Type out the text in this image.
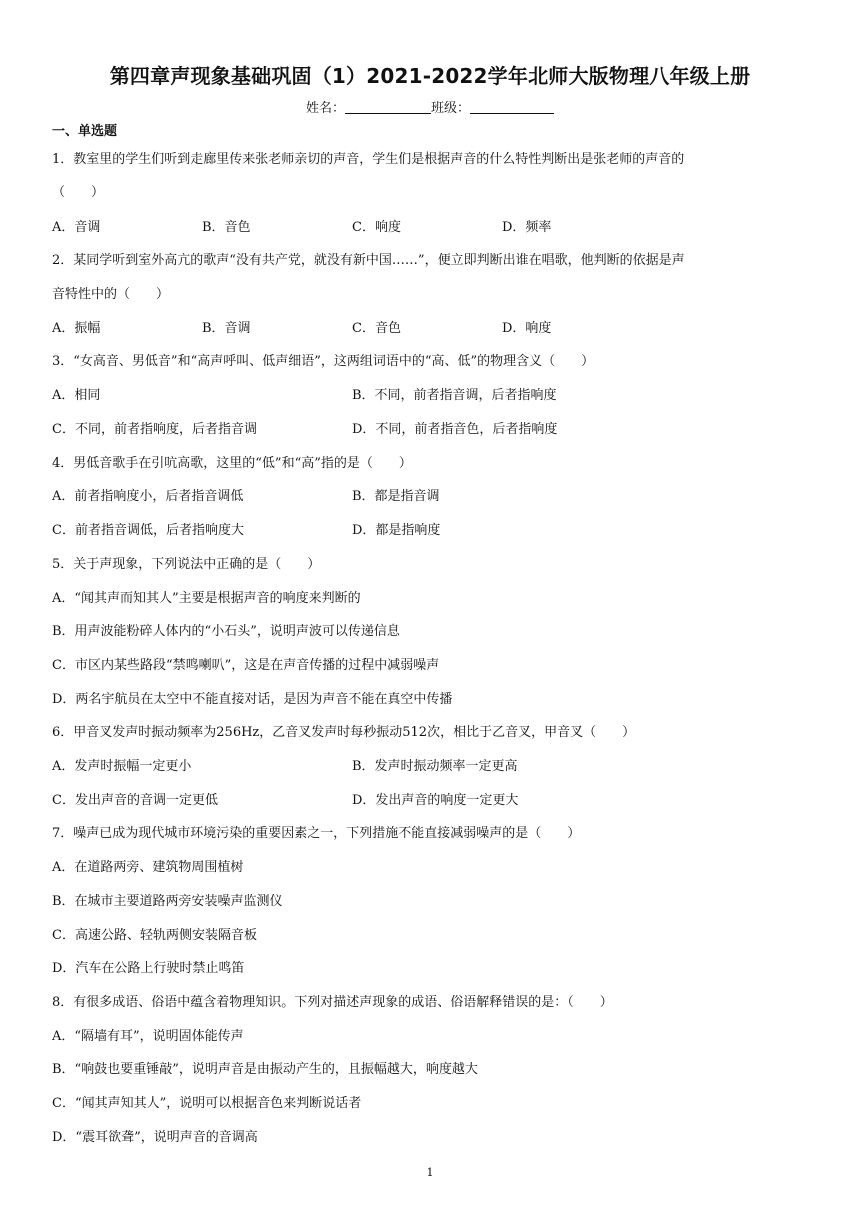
第四章声现象基础巩固（1）2021-2022学年北师大版物理八年级上册
姓名：	班级：
一、单选题
1．教室里的学生们听到走廊里传来张老师亲切的声音，学生们是根据声音的什么特性判断出是张老师的声音的
（　　）
A．音调	B．音色	C．响度	D．频率
2．某同学听到室外高亢的歌声“没有共产党，就没有新中国……”，便立即判断出谁在唱歌，他判断的依据是声
音特性中的（　　）
A．振幅	B．音调	C．音色	D．响度
3．“女高音、男低音”和“高声呼叫、低声细语”，这两组词语中的“高、低”的物理含义（　　）
A．相同	B．不同，前者指音调，后者指响度
C．不同，前者指响度，后者指音调	D．不同，前者指音色，后者指响度
4．男低音歌手在引吭高歌，这里的“低”和“高”指的是（　　）
A．前者指响度小，后者指音调低	B．都是指音调
C．前者指音调低，后者指响度大	D．都是指响度
5．关于声现象，下列说法中正确的是（　　）
A．“闻其声而知其人”主要是根据声音的响度来判断的
B．用声波能粉碎人体内的“小石头”，说明声波可以传递信息
C．市区内某些路段“禁鸣喇叭”，这是在声音传播的过程中减弱噪声
D．两名宇航员在太空中不能直接对话，是因为声音不能在真空中传播
6．甲音叉发声时振动频率为256Hz，乙音叉发声时每秒振动512次，相比于乙音叉，甲音叉（　　）
A．发声时振幅一定更小	B．发声时振动频率一定更高
C．发出声音的音调一定更低	D．发出声音的响度一定更大
7．噪声已成为现代城市环境污染的重要因素之一，下列措施不能直接减弱噪声的是（　　）
A．在道路两旁、建筑物周围植树
B．在城市主要道路两旁安装噪声监测仪
C．高速公路、轻轨两侧安装隔音板
D．汽车在公路上行驶时禁止鸣笛
8．有很多成语、俗语中蕴含着物理知识。下列对描述声现象的成语、俗语解释错误的是：（　　）
A．“隔墙有耳”，说明固体能传声
B．“响鼓也要重锤敲”，说明声音是由振动产生的，且振幅越大，响度越大
C．“闻其声知其人”，说明可以根据音色来判断说话者
D．“震耳欲聋”，说明声音的音调高
1
